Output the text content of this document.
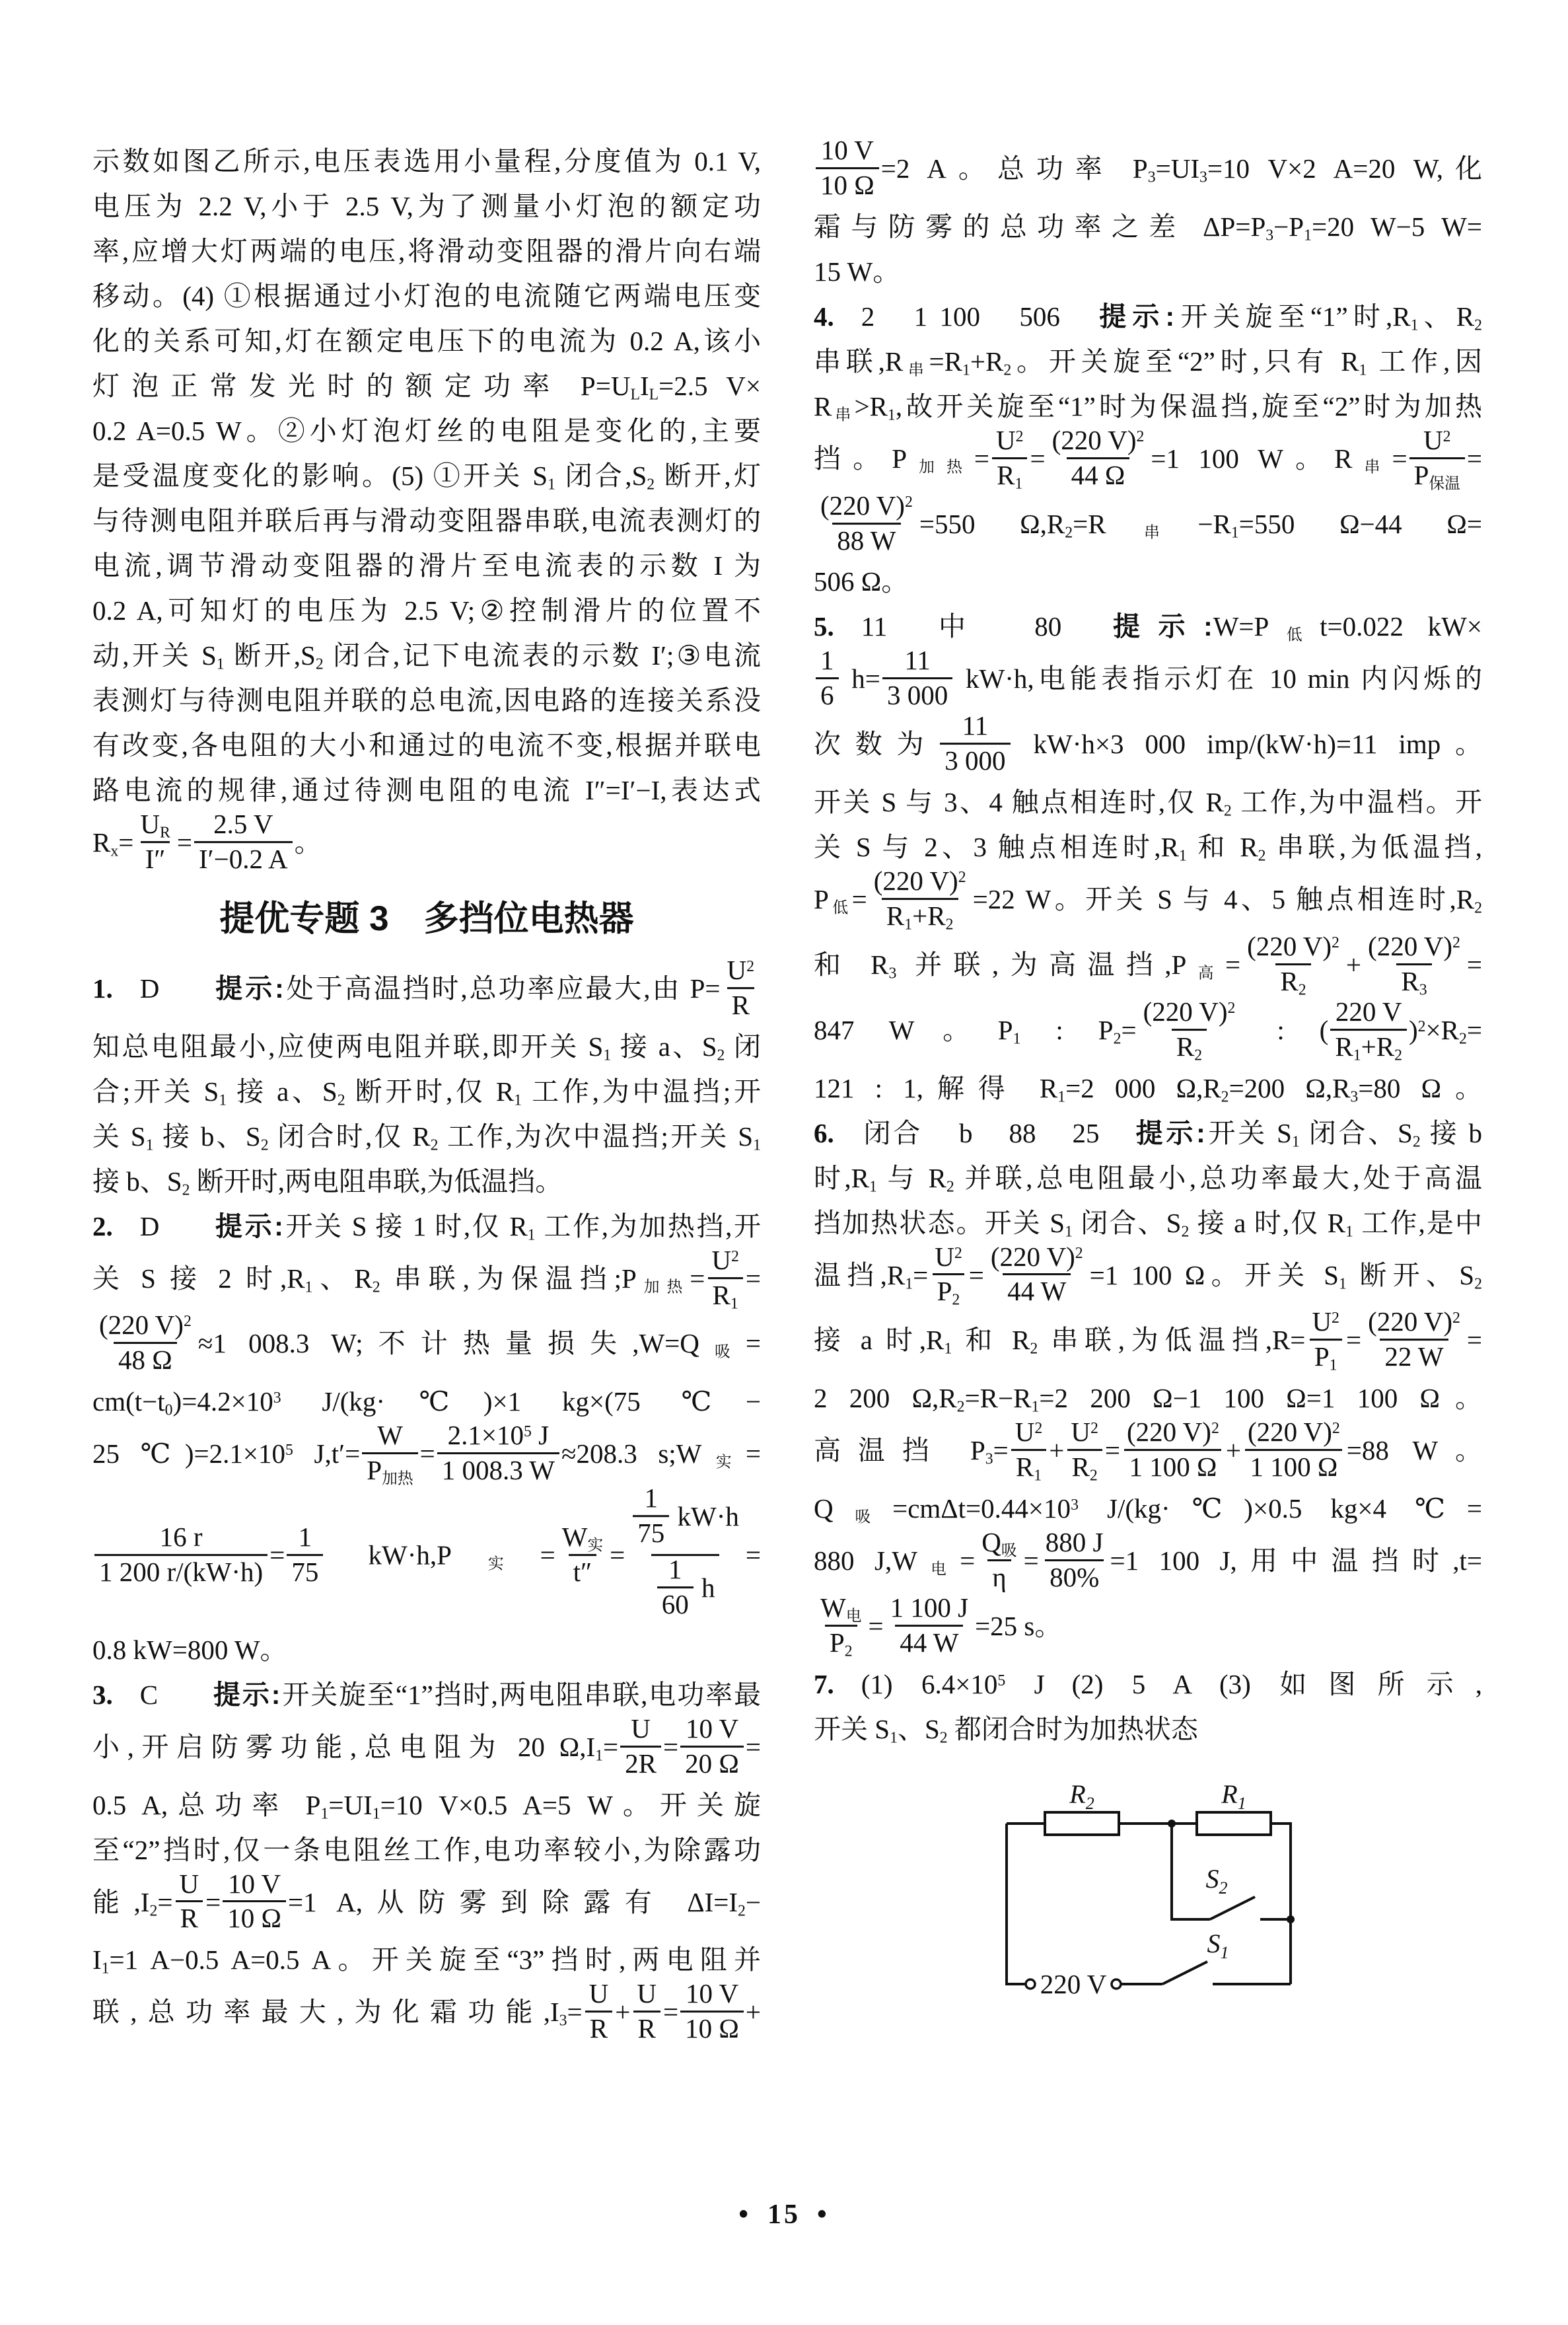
示数如图乙所示,电压表选用小量程,分度值为 0.1 V,
电压为 2.2 V,小于 2.5 V,为了测量小灯泡的额定功
率,应增大灯两端的电压,将滑动变阻器的滑片向右端
移动。(4) ①根据通过小灯泡的电流随它两端电压变
化的关系可知,灯在额定电压下的电流为 0.2 A,该小
灯泡正常发光时的额定功率 $P=U_LI_L=2.5$ V×
0.2 A=0.5 W。②小灯泡灯丝的电阻是变化的,主要
是受温度变化的影响。(5) ①开关 $S_1$ 闭合$,S_2$ 断开,灯
与待测电阻并联后再与滑动变阻器串联,电流表测灯的
电流,调节滑动变阻器的滑片至电流表的示数 I 为
0.2 A,可知灯的电压为 2.5 V;②控制滑片的位置不
动,开关 $S_1$ 断开$,S_2$ 闭合,记下电流表的示数 I′;③电流
表测灯与待测电阻并联的总电流,因电路的连接关系没
有改变,各电阻的大小和通过的电流不变,根据并联电
路电流的规律,通过待测电阻的电流 I″=I′−I,表达式
$R_x= \frac{U_R}{I''} = \frac{2.5 V}{I'-0.2 A}$ 。
提优专题 3 多挡位电热器
1. D  提示:处于高温挡时,总功率应最大,由 $P= \frac{U^2}{R}$
知总电阻最小,应使两电阻并联,即开关 $S_1$ 接 a、$S_2$ 闭
合;开关 $S_1$ 接 a、$S_2$ 断开时,仅 $R_1$ 工作,为中温挡;开
关 $S_1$ 接 b、$S_2$ 闭合时,仅 $R_2$ 工作,为次中温挡;开关 $S_1$
接 b、$S_2$ 断开时,两电阻串联,为低温挡。
2. D  提示:开关 S 接 1 时,仅 $R_1$ 工作,为加热挡,开
关 S 接 2 时$,R_1$、$R_2$ 串联,为保温挡$;P_{加热}= \frac{U^2}{R_1}$ =
$\frac{(220 V)^2}{48 \Omega} \approx 1$ 008.3 W;不计热量损失$,W=Q_吸=$
$cm(t-t_0)=4.2\times 10^3$ J/(kg·℃)×1 kg×(75 ℃−
25 $℃)=2.1\times 10^5$ $J,t'= \frac{W}{P_{加热}} = \frac{2.1\times 10^5 J}{1 008.3 W} \approx 208.3$ $s;W_实=$
$\frac{16 r}{1 200 r/(kW\cdot h)} = \frac{1}{75} kW\cdot h,P_实= \frac{W_实}{t''} = \frac{\frac{1}{75} kW\cdot h}{\frac{1}{60} h}$ =
0.8 kW=800 W。
3. C  提示:开关旋至“1”挡时,两电阻串联,电功率最
小,开启防雾功能,总电阻为 20 $\Omega,I_1= \frac{U}{2R} = \frac{10 V}{20 \Omega}$ =
0.5 A,总功率 $P_1=UI_1=10$ V×0.5 A=5 W。开关旋
至“2”挡时,仅一条电阻丝工作,电功率较小,为除露功
能$,I_2= \frac{U}{R} = \frac{10 V}{10 \Omega} =1$ A,从防雾到除露有 $\Delta I=I_2-$
$I_1=1$ A−0.5 A=0.5 A。开关旋至“3”挡时,两电阻并
联,总功率最大,为化霜功能$,I_3= \frac{U}{R} + \frac{U}{R} = \frac{10 V}{10 \Omega}$ +
$\frac{10 V}{10 \Omega} =2$ A。总功率 $P_3=UI_3=10$ V×2 A=20 W,化
霜与防雾的总功率之差 $\Delta P=P_3-P_1=20$ W−5 W=
15 W。
4. 2  1 100  506  提示:开关旋至“1”时$,R_1$、$R_2$
串联$,R_串=R_1+R_2$。开关旋至“2”时,只有 $R_1$ 工作,因
$R_串>R_1$,故开关旋至“1”时为保温挡,旋至“2”时为加热
挡。$P_{加热}= \frac{U^2}{R_1} = \frac{(220 V)^2}{44 \Omega} =1$ 100 W。$R_串= \frac{U^2}{P_{保温}}$ =
$\frac{(220 V)^2}{88 W} =550$ $\Omega,R_2=R_串-R_1=550$ Ω−44 Ω=
506 Ω。
5. 11  中  80  提示$:W=P_低t=0.022$ kW×
$\frac{1}{6} h= \frac{11}{3 000} kW\cdot h$,电能表指示灯在 10 min 内闪烁的
次数为 $\frac{11}{3 000} kW\cdot h\times 3$ 000 imp/(kW·h)=11 imp。
开关 S 与 3、4 触点相连时,仅 $R_2$ 工作,为中温档。开
关 S 与 2、3 触点相连时$,R_1$ 和 $R_2$ 串联,为低温挡,
$P_低= \frac{(220 V)^2}{R_1+R_2} =22$ W。开关 S 与 4、5 触点相连时$,R_2$
和 $R_3$ 并联,为高温挡$,P_高= \frac{(220 V)^2}{R_2} + \frac{(220 V)^2}{R_3}$ =
847 W。$P_1$ : $P_2= \frac{(220 V)^2}{R_2}$ : ( $\frac{220 V}{R_1+R_2} )^2\times R_2=$
121 : 1,解得 $R_1=2$ 000 $\Omega,R_2=200$ $\Omega,R_3=80$ Ω。
6. 闭合  b  88  25  提示:开关 $S_1$ 闭合、$S_2$ 接 b
时$,R_1$ 与 $R_2$ 并联,总电阻最小,总功率最大,处于高温
挡加热状态。开关 $S_1$ 闭合、$S_2$ 接 a 时,仅 $R_1$ 工作,是中
温挡$,R_1= \frac{U^2}{P_2} = \frac{(220 V)^2}{44 W} =1$ 100 Ω。开关 $S_1$ 断开、$S_2$
接 a 时$,R_1$ 和 $R_2$ 串联,为低温挡$,R= \frac{U^2}{P_1} = \frac{(220 V)^2}{22 W}$ =
2 200 $\Omega,R_2=R-R_1=2$ 200 Ω−1 100 Ω=1 100 Ω。
高温挡 $P_3= \frac{U^2}{R_1} + \frac{U^2}{R_2} = \frac{(220 V)^2}{1 100 \Omega} + \frac{(220 V)^2}{1 100 \Omega} =88$ W。
$Q_吸=cm\Delta t=0.44\times 10^3$ J/(kg·℃)×0.5 kg×4 ℃=
880 $J,W_电= \frac{Q_吸}{\eta} = \frac{880 J}{80\%} =1$ 100 J,用中温挡时,t=
$\frac{W_电}{P_2} = \frac{1 100 J}{44 W} =25$ s。
7. (1) $6.4\times 10^5$ J (2) 5 A (3) 如图所示,
开关 $S_1$、$S_2$ 都闭合时为加热状态
$R_2$	$R_1$
$S_2$
$S_1$
220 V
• 15 •
